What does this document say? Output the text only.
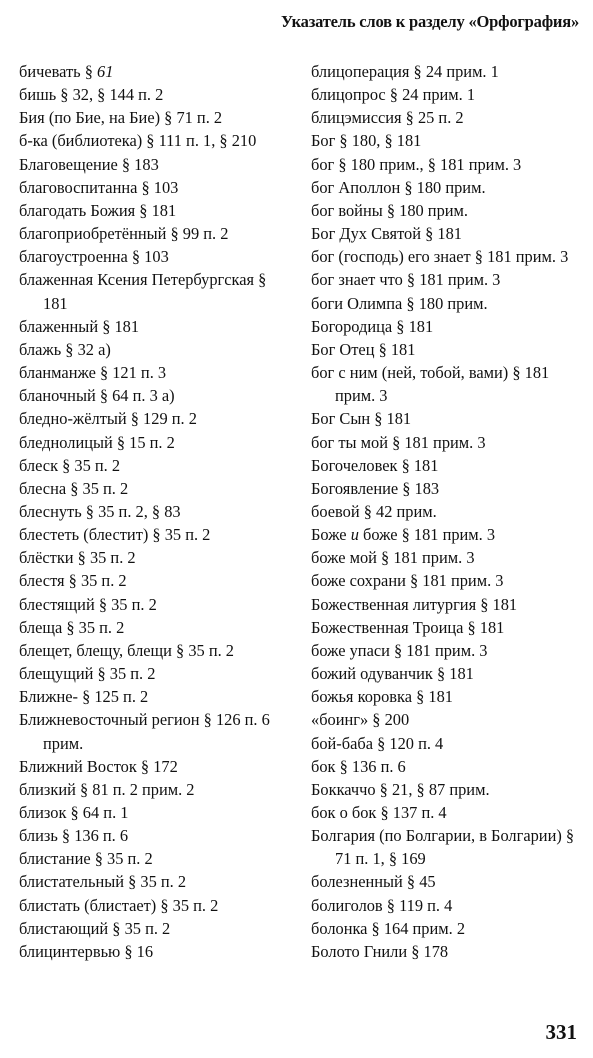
Указатель слов к разделу «Орфография»
бичевать § 61
бишь § 32, § 144 п. 2
Бия (по Бие, на Бие) § 71 п. 2
б-ка (библиотека) § 111 п. 1, § 210
Благовещение § 183
благовоспитанна § 103
благодать Божия § 181
благоприобретённый § 99 п. 2
благоустроенна § 103
блаженная Ксения Петербургская § 181
блаженный § 181
блажь § 32 а)
бланманже § 121 п. 3
бланочный § 64 п. 3 а)
бледно-жёлтый § 129 п. 2
бледнолицый § 15 п. 2
блеск § 35 п. 2
блесна § 35 п. 2
блеснуть § 35 п. 2, § 83
блестеть (блестит) § 35 п. 2
блёстки § 35 п. 2
блестя § 35 п. 2
блестящий § 35 п. 2
блеща § 35 п. 2
блещет, блещу, блещи § 35 п. 2
блещущий § 35 п. 2
Ближне- § 125 п. 2
Ближневосточный регион § 126 п. 6 прим.
Ближний Восток § 172
близкий § 81 п. 2 прим. 2
близок § 64 п. 1
близь § 136 п. 6
блистание § 35 п. 2
блистательный § 35 п. 2
блистать (блистает) § 35 п. 2
блистающий § 35 п. 2
блицинтервью § 16
блицоперация § 24 прим. 1
блицопрос § 24 прим. 1
блицэмиссия § 25 п. 2
Бог § 180, § 181
бог § 180 прим., § 181 прим. 3
бог Аполлон § 180 прим.
бог войны § 180 прим.
Бог Дух Святой § 181
бог (господь) его знает § 181 прим. 3
бог знает что § 181 прим. 3
боги Олимпа § 180 прим.
Богородица § 181
Бог Отец § 181
бог с ним (ней, тобой, вами) § 181 прим. 3
Бог Сын § 181
бог ты мой § 181 прим. 3
Богочеловек § 181
Богоявление § 183
боевой § 42 прим.
Боже и боже § 181 прим. 3
боже мой § 181 прим. 3
боже сохрани § 181 прим. 3
Божественная литургия § 181
Божественная Троица § 181
боже упаси § 181 прим. 3
божий одуванчик § 181
божья коровка § 181
«боинг» § 200
бой-баба § 120 п. 4
бок § 136 п. 6
Боккаччо § 21, § 87 прим.
бок о бок § 137 п. 4
Болгария (по Болгарии, в Болгарии) § 71 п. 1, § 169
болезненный § 45
болиголов § 119 п. 4
болонка § 164 прим. 2
Болото Гнили § 178
331
